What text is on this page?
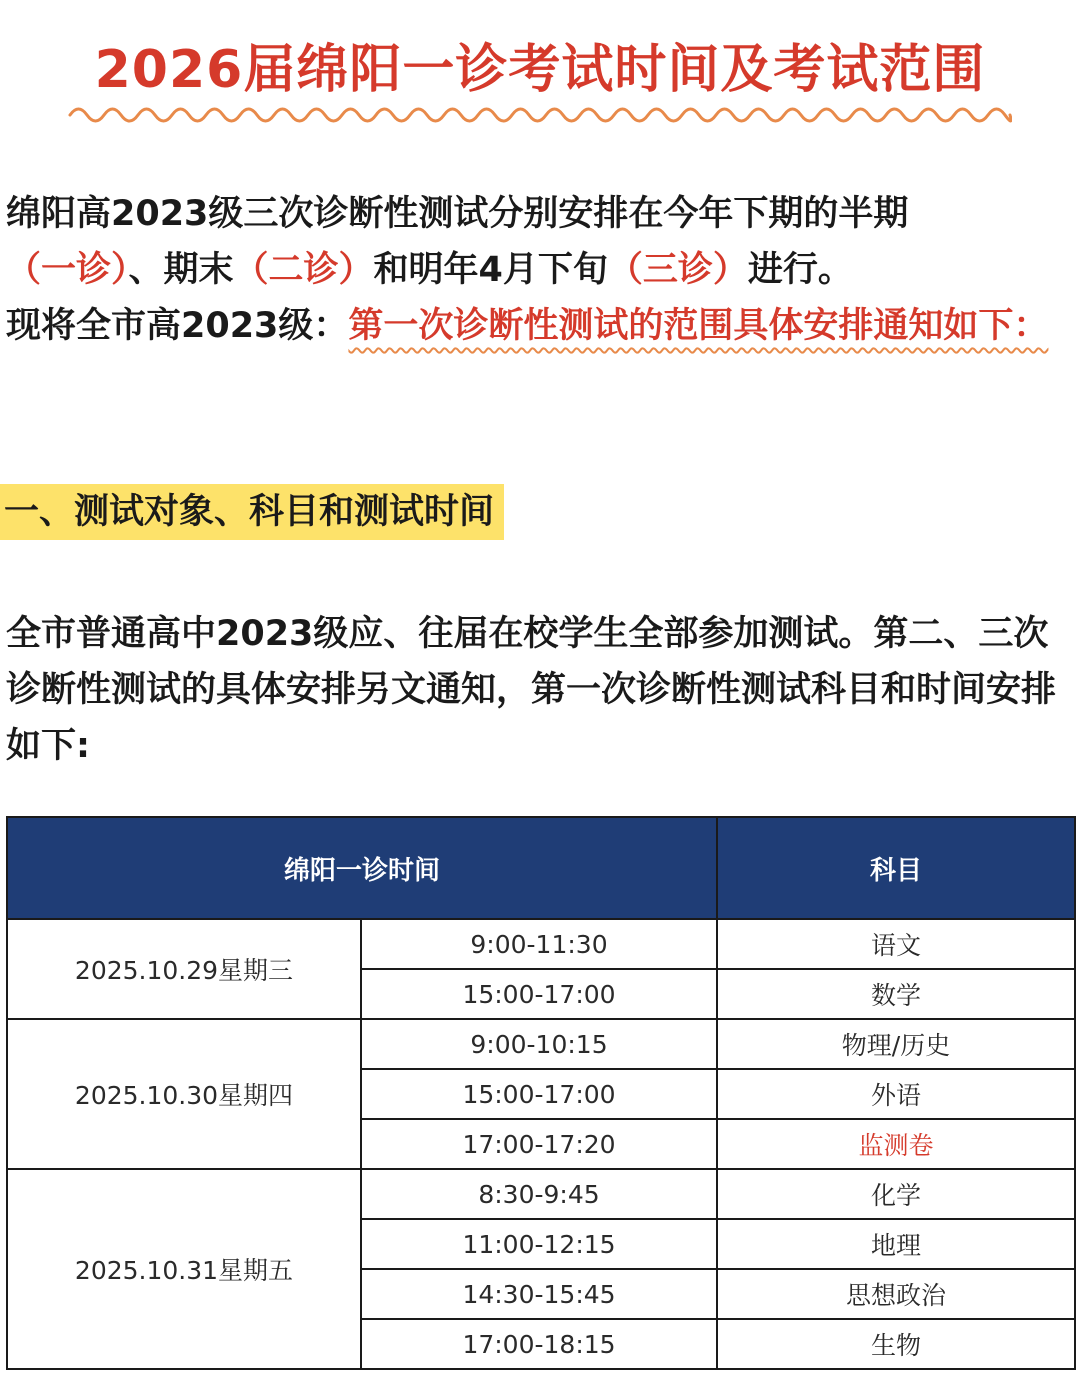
2026届绵阳一诊考试时间及考试范围

绵阳高2023级三次诊断性测试分别安排在今年下期的半期
（一诊）、期末（二诊）和明年4月下旬（三诊）进行。
现将全市高2023级：第一次诊断性测试的范围具体安排通知如下：

一、测试对象、科目和测试时间

全市普通高中2023级应、往届在校学生全部参加测试。第二、三次诊断性测试的具体安排另文通知，第一次诊断性测试科目和时间安排如下:

绵阳一诊时间		科目
2025.10.29星期三	9:00-11:30	语文
	15:00-17:00	数学
2025.10.30星期四	9:00-10:15	物理/历史
	15:00-17:00	外语
	17:00-17:20	监测卷
2025.10.31星期五	8:30-9:45	化学
	11:00-12:15	地理
	14:30-15:45	思想政治
	17:00-18:15	生物
